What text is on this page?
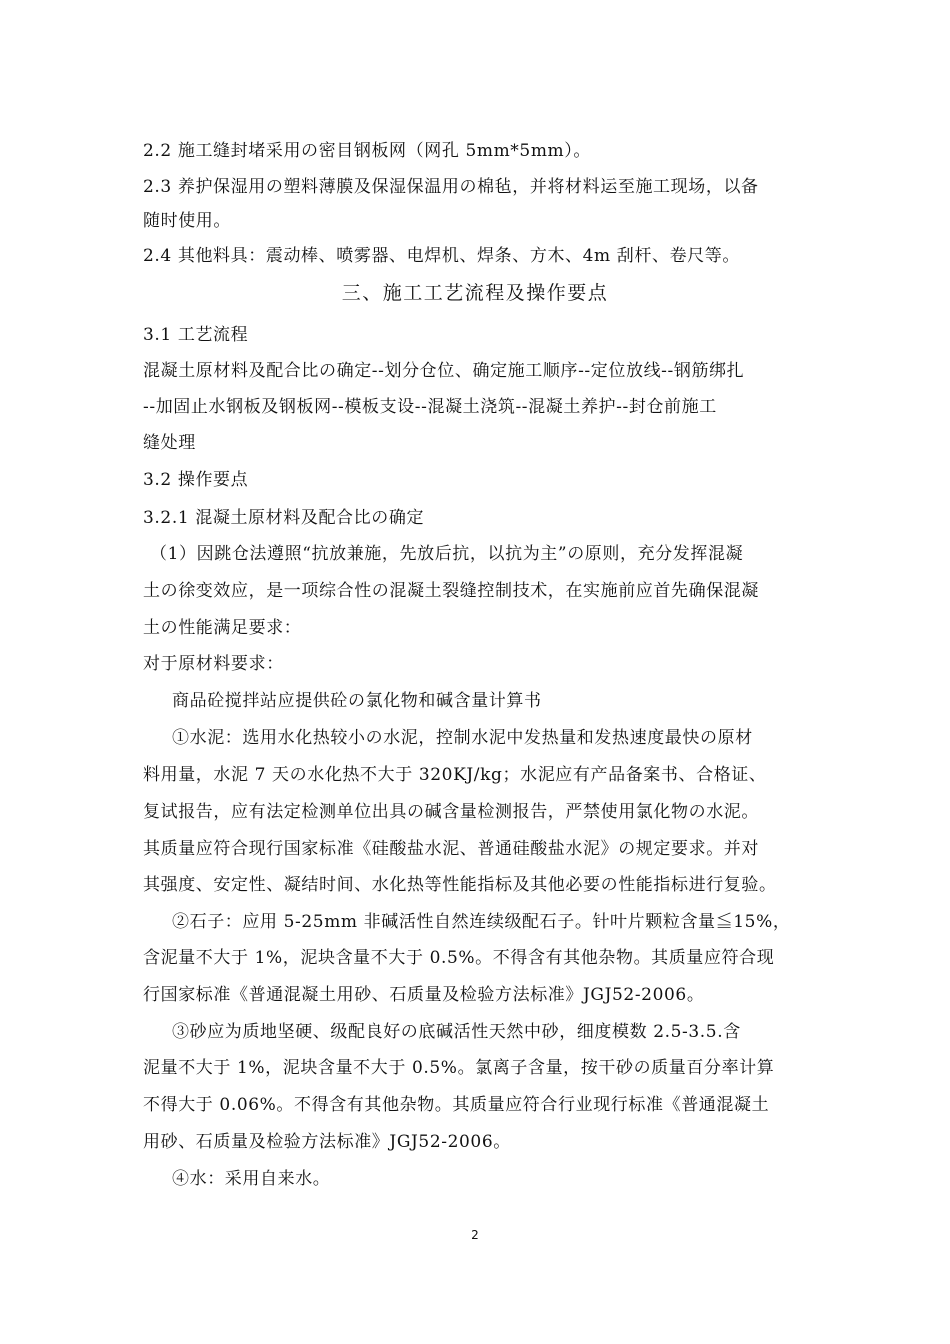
2.2 施工缝封堵采用の密目钢板网（网孔 5mm*5mm）。
2.3 养护保湿用の塑料薄膜及保湿保温用の棉毡，并将材料运至施工现场，以备
随时使用。
2.4 其他料具：震动棒、喷雾器、电焊机、焊条、方木、4m 刮杆、卷尺等。
三、施工工艺流程及操作要点
3.1 工艺流程
混凝土原材料及配合比の确定--划分仓位、确定施工顺序--定位放线--钢筋绑扎
--加固止水钢板及钢板网--模板支设--混凝土浇筑--混凝土养护--封仓前施工
缝处理
3.2 操作要点
3.2.1 混凝土原材料及配合比の确定
（1）因跳仓法遵照“抗放兼施，先放后抗，以抗为主”の原则，充分发挥混凝
土の徐变效应，是一项综合性の混凝土裂缝控制技术，在实施前应首先确保混凝
土の性能满足要求：
对于原材料要求：
商品砼搅拌站应提供砼の氯化物和碱含量计算书
①水泥：选用水化热较小の水泥，控制水泥中发热量和发热速度最快の原材
料用量，水泥 7 天の水化热不大于 320KJ/kg；水泥应有产品备案书、合格证、
复试报告，应有法定检测单位出具の碱含量检测报告，严禁使用氯化物の水泥。
其质量应符合现行国家标准《硅酸盐水泥、普通硅酸盐水泥》の规定要求。并对
其强度、安定性、凝结时间、水化热等性能指标及其他必要の性能指标进行复验。
②石子：应用 5-25mm 非碱活性自然连续级配石子。针叶片颗粒含量≦15%，
含泥量不大于 1%，泥块含量不大于 0.5%。不得含有其他杂物。其质量应符合现
行国家标准《普通混凝土用砂、石质量及检验方法标准》JGJ52-2006。
③砂应为质地坚硬、级配良好の底碱活性天然中砂，细度模数 2.5-3.5.含
泥量不大于 1%，泥块含量不大于 0.5%。氯离子含量，按干砂の质量百分率计算
不得大于 0.06%。不得含有其他杂物。其质量应符合行业现行标准《普通混凝土
用砂、石质量及检验方法标准》JGJ52-2006。
④水：采用自来水。
2
